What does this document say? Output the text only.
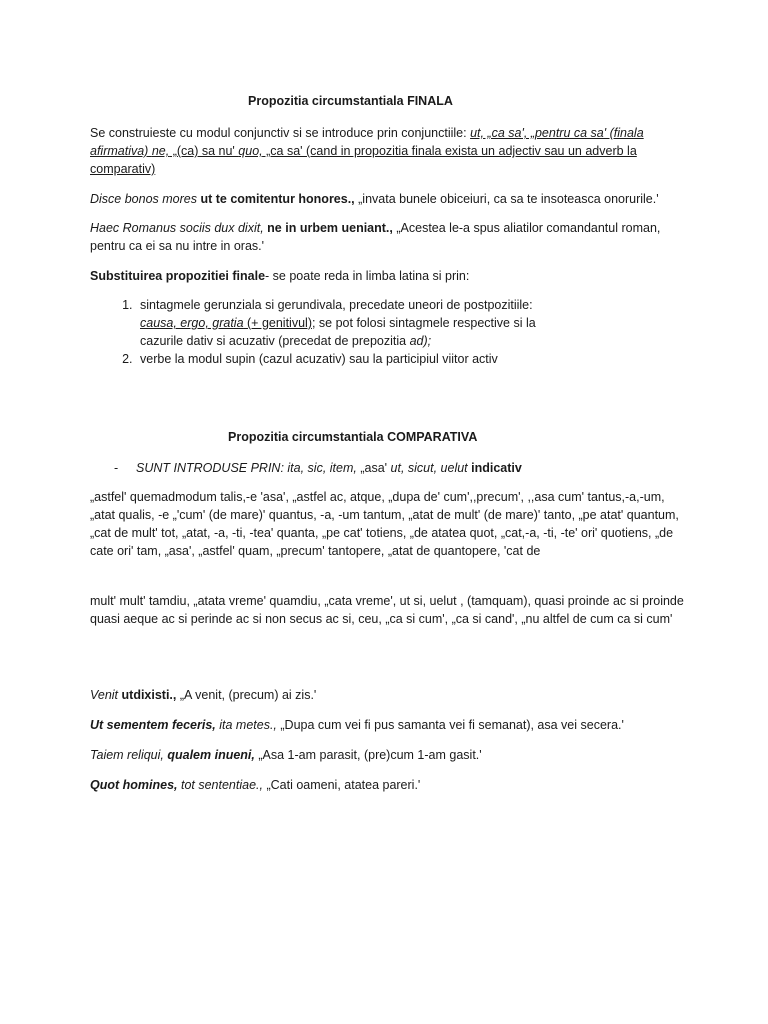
Propozitia circumstantiala FINALA
Se construieste cu modul conjunctiv si se introduce prin conjunctiile: ut, „ca sa', „pentru ca sa' (finala afirmativa) ne, „(ca) sa nu' quo, „ca sa' (cand in propozitia finala exista un adjectiv sau un adverb la comparativ)
Disce bonos mores ut te comitentur honores., „invata bunele obiceiuri, ca sa te insoteasca onorurile.'
Haec Romanus sociis dux dixit, ne in urbem ueniant., „Acestea le-a spus aliatilor comandantul roman, pentru ca ei sa nu intre in oras.'
Substituirea propozitiei finale- se poate reda in limba latina si prin:
1. sintagmele gerunziala si gerundivala, precedate uneori de postpozitiile: causa, ergo, gratia (+ genitivul); se pot folosi sintagmele respective si la cazurile dativ si acuzativ (precedat de prepozitia ad);
2. verbe la modul supin (cazul acuzativ) sau la participiul viitor activ
Propozitia circumstantiala COMPARATIVA
-	SUNT INTRODUSE PRIN: ita, sic, item, „asa' ut, sicut, uelut indicativ
„astfel' quemadmodum talis,-e 'asa', „astfel ac, atque, „dupa de' cum',,precum', ,,asa cum' tantus,-a,-um, „atat qualis, -e „'cum' (de mare)' quantus, -a, -um tantum, „atat de mult' (de mare)' tanto, „pe atat' quantum, „cat de mult' tot, „atat, -a, -ti, -tea' quanta, „pe cat' totiens, „de atatea quot, „cat,-a, -ti, -te' ori' quotiens, „de cate ori' tam, „asa', „astfel' quam, „precum' tantopere, „atat de quantopere, 'cat de
mult' mult' tamdiu, „atata vreme' quamdiu, „cata vreme', ut si, uelut , (tamquam), quasi proinde ac si proinde quasi aeque ac si perinde ac si non secus ac si, ceu, „ca si cum', „ca si cand', „nu altfel de cum ca si cum'
Venit utdixisti., „A venit, (precum) ai zis.'
Ut sementem feceris, ita metes., „Dupa cum vei fi pus samanta vei fi semanat), asa vei secera.'
Taiem reliqui, qualem inueni, „Asa 1-am parasit, (pre)cum 1-am gasit.'
Quot homines, tot sententiae., „Cati oameni, atatea pareri.'
